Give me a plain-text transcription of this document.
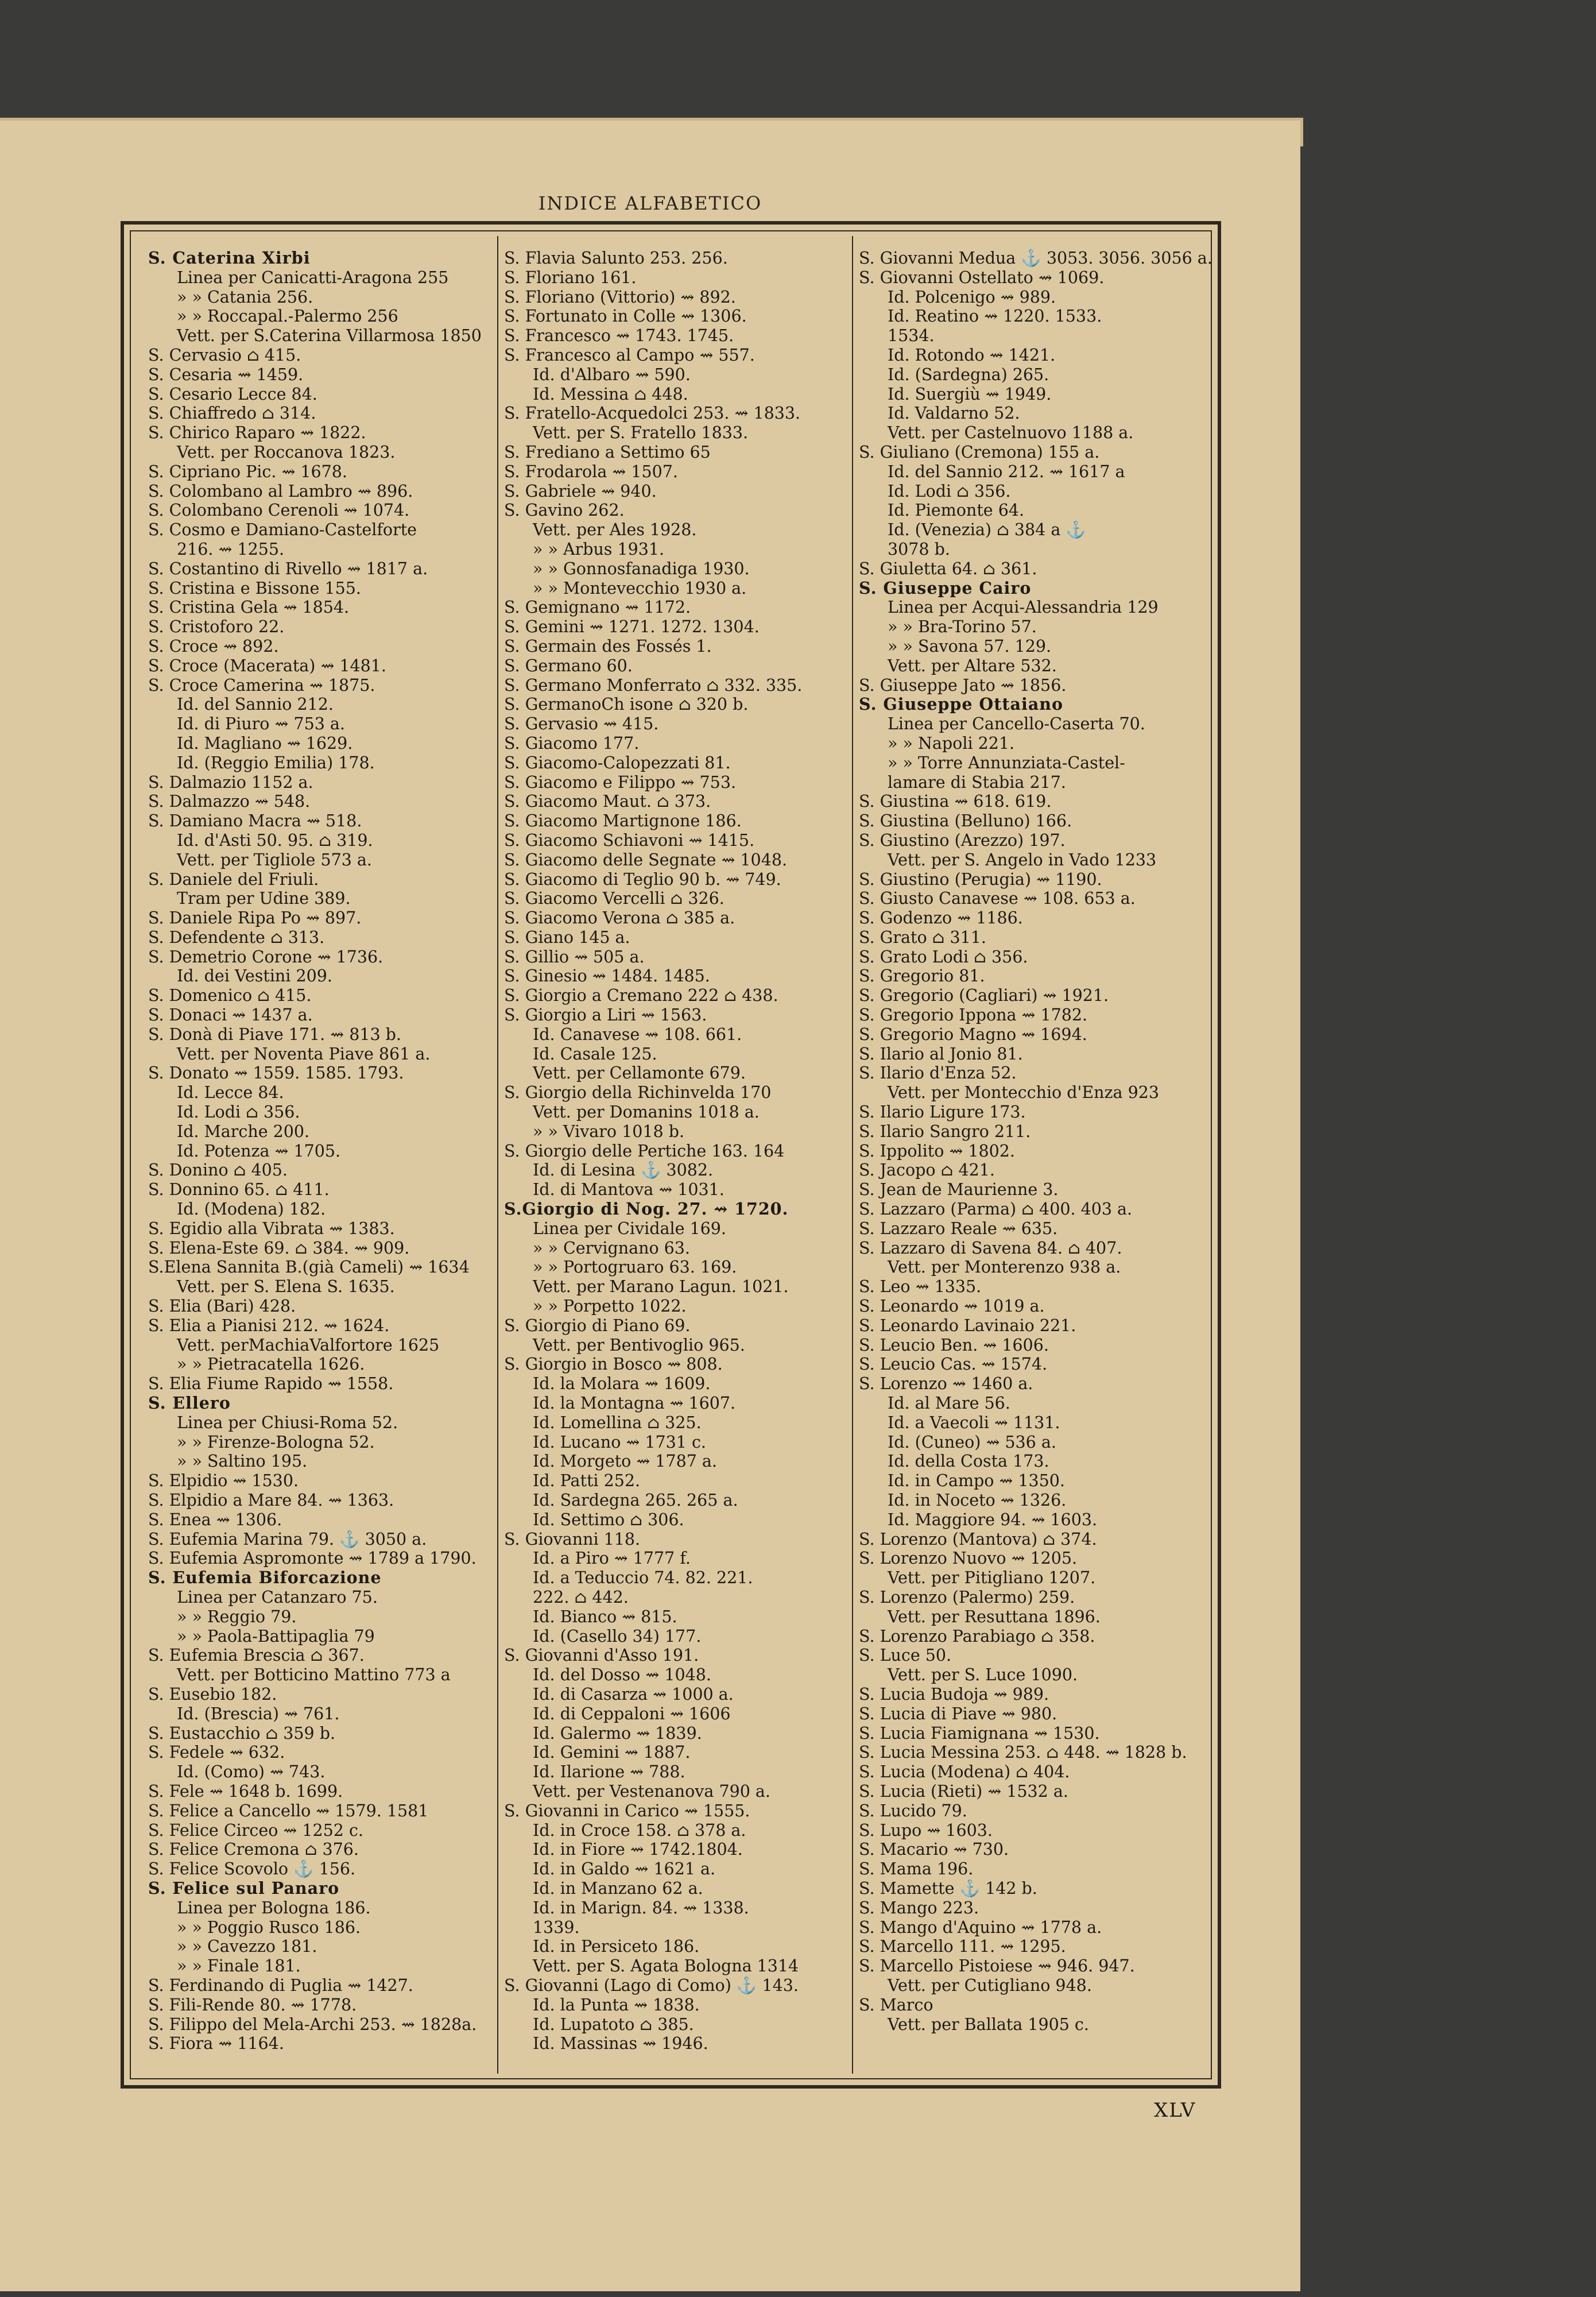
INDICE ALFABETICO
S. Caterina Xirbi
Linea per Canicatti-Aragona 255
» » Catania 256.
» » Roccapal.-Palermo 256
Vett. per S.Caterina Villarmosa 1850
S. Cervasio ⌂ 415.
S. Cesaria ⇝ 1459.
S. Cesario Lecce 84.
S. Chiaffredo ⌂ 314.
S. Chirico Raparo ⇝ 1822.
Vett. per Roccanova 1823.
S. Cipriano Pic. ⇝ 1678.
S. Colombano al Lambro ⇝ 896.
S. Colombano Cerenoli ⇝ 1074.
S. Cosmo e Damiano-Castelforte
216. ⇝ 1255.
S. Costantino di Rivello ⇝ 1817 a.
S. Cristina e Bissone 155.
S. Cristina Gela ⇝ 1854.
S. Cristoforo 22.
S. Croce ⇝ 892.
S. Croce (Macerata) ⇝ 1481.
S. Croce Camerina ⇝ 1875.
Id. del Sannio 212.
Id. di Piuro ⇝ 753 a.
Id. Magliano ⇝ 1629.
Id. (Reggio Emilia) 178.
S. Dalmazio 1152 a.
S. Dalmazzo ⇝ 548.
S. Damiano Macra ⇝ 518.
Id. d'Asti 50. 95. ⌂ 319.
Vett. per Tigliole 573 a.
S. Daniele del Friuli.
Tram per Udine 389.
S. Daniele Ripa Po ⇝ 897.
S. Defendente ⌂ 313.
S. Demetrio Corone ⇝ 1736.
Id. dei Vestini 209.
S. Domenico ⌂ 415.
S. Donaci ⇝ 1437 a.
S. Donà di Piave 171. ⇝ 813 b.
Vett. per Noventa Piave 861 a.
S. Donato ⇝ 1559. 1585. 1793.
Id. Lecce 84.
Id. Lodi ⌂ 356.
Id. Marche 200.
Id. Potenza ⇝ 1705.
S. Donino ⌂ 405.
S. Donnino 65. ⌂ 411.
Id. (Modena) 182.
S. Egidio alla Vibrata ⇝ 1383.
S. Elena-Este 69. ⌂ 384. ⇝ 909.
S.Elena Sannita B.(già Cameli) ⇝ 1634
Vett. per S. Elena S. 1635.
S. Elia (Bari) 428.
S. Elia a Pianisi 212. ⇝ 1624.
Vett. perMachiaValfortore 1625
» » Pietracatella 1626.
S. Elia Fiume Rapido ⇝ 1558.
S. Ellero
Linea per Chiusi-Roma 52.
» » Firenze-Bologna 52.
» » Saltino 195.
S. Elpidio ⇝ 1530.
S. Elpidio a Mare 84. ⇝ 1363.
S. Enea ⇝ 1306.
S. Eufemia Marina 79. ⚓ 3050 a.
S. Eufemia Aspromonte ⇝ 1789 a 1790.
S. Eufemia Biforcazione
Linea per Catanzaro 75.
» » Reggio 79.
» » Paola-Battipaglia 79
S. Eufemia Brescia ⌂ 367.
Vett. per Botticino Mattino 773 a
S. Eusebio 182.
Id. (Brescia) ⇝ 761.
S. Eustacchio ⌂ 359 b.
S. Fedele ⇝ 632.
Id. (Como) ⇝ 743.
S. Fele ⇝ 1648 b. 1699.
S. Felice a Cancello ⇝ 1579. 1581
S. Felice Circeo ⇝ 1252 c.
S. Felice Cremona ⌂ 376.
S. Felice Scovolo ⚓ 156.
S. Felice sul Panaro
Linea per Bologna 186.
» » Poggio Rusco 186.
» » Cavezzo 181.
» » Finale 181.
S. Ferdinando di Puglia ⇝ 1427.
S. Fili-Rende 80. ⇝ 1778.
S. Filippo del Mela-Archi 253. ⇝ 1828a.
S. Fiora ⇝ 1164.
S. Flavia Salunto 253. 256.
S. Floriano 161.
S. Floriano (Vittorio) ⇝ 892.
S. Fortunato in Colle ⇝ 1306.
S. Francesco ⇝ 1743. 1745.
S. Francesco al Campo ⇝ 557.
Id. d'Albaro ⇝ 590.
Id. Messina ⌂ 448.
S. Fratello-Acquedolci 253. ⇝ 1833.
Vett. per S. Fratello 1833.
S. Frediano a Settimo 65
S. Frodarola ⇝ 1507.
S. Gabriele ⇝ 940.
S. Gavino 262.
Vett. per Ales 1928.
» » Arbus 1931.
» » Gonnosfanadiga 1930.
» » Montevecchio 1930 a.
S. Gemignano ⇝ 1172.
S. Gemini ⇝ 1271. 1272. 1304.
S. Germain des Fossés 1.
S. Germano 60.
S. Germano Monferrato ⌂ 332. 335.
S. GermanoCh isone ⌂ 320 b.
S. Gervasio ⇝ 415.
S. Giacomo 177.
S. Giacomo-Calopezzati 81.
S. Giacomo e Filippo ⇝ 753.
S. Giacomo Maut. ⌂ 373.
S. Giacomo Martignone 186.
S. Giacomo Schiavoni ⇝ 1415.
S. Giacomo delle Segnate ⇝ 1048.
S. Giacomo di Teglio 90 b. ⇝ 749.
S. Giacomo Vercelli ⌂ 326.
S. Giacomo Verona ⌂ 385 a.
S. Giano 145 a.
S. Gillio ⇝ 505 a.
S. Ginesio ⇝ 1484. 1485.
S. Giorgio a Cremano 222 ⌂ 438.
S. Giorgio a Liri ⇝ 1563.
Id. Canavese ⇝ 108. 661.
Id. Casale 125.
Vett. per Cellamonte 679.
S. Giorgio della Richinvelda 170
Vett. per Domanins 1018 a.
» » Vivaro 1018 b.
S. Giorgio delle Pertiche 163. 164
Id. di Lesina ⚓ 3082.
Id. di Mantova ⇝ 1031.
S.Giorgio di Nog. 27. ⇝ 1720.
Linea per Cividale 169.
» » Cervignano 63.
» » Portogruaro 63. 169.
Vett. per Marano Lagun. 1021.
» » Porpetto 1022.
S. Giorgio di Piano 69.
Vett. per Bentivoglio 965.
S. Giorgio in Bosco ⇝ 808.
Id. la Molara ⇝ 1609.
Id. la Montagna ⇝ 1607.
Id. Lomellina ⌂ 325.
Id. Lucano ⇝ 1731 c.
Id. Morgeto ⇝ 1787 a.
Id. Patti 252.
Id. Sardegna 265. 265 a.
Id. Settimo ⌂ 306.
S. Giovanni 118.
Id. a Piro ⇝ 1777 f.
Id. a Teduccio 74. 82. 221.
222. ⌂ 442.
Id. Bianco ⇝ 815.
Id. (Casello 34) 177.
S. Giovanni d'Asso 191.
Id. del Dosso ⇝ 1048.
Id. di Casarza ⇝ 1000 a.
Id. di Ceppaloni ⇝ 1606
Id. Galermo ⇝ 1839.
Id. Gemini ⇝ 1887.
Id. Ilarione ⇝ 788.
Vett. per Vestenanova 790 a.
S. Giovanni in Carico ⇝ 1555.
Id. in Croce 158. ⌂ 378 a.
Id. in Fiore ⇝ 1742.1804.
Id. in Galdo ⇝ 1621 a.
Id. in Manzano 62 a.
Id. in Marign. 84. ⇝ 1338.
1339.
Id. in Persiceto 186.
Vett. per S. Agata Bologna 1314
S. Giovanni (Lago di Como) ⚓ 143.
Id. la Punta ⇝ 1838.
Id. Lupatoto ⌂ 385.
Id. Massinas ⇝ 1946.
S. Giovanni Medua ⚓ 3053. 3056. 3056 a.
S. Giovanni Ostellato ⇝ 1069.
Id. Polcenigo ⇝ 989.
Id. Reatino ⇝ 1220. 1533.
1534.
Id. Rotondo ⇝ 1421.
Id. (Sardegna) 265.
Id. Suergiù ⇝ 1949.
Id. Valdarno 52.
Vett. per Castelnuovo 1188 a.
S. Giuliano (Cremona) 155 a.
Id. del Sannio 212. ⇝ 1617 a
Id. Lodi ⌂ 356.
Id. Piemonte 64.
Id. (Venezia) ⌂ 384 a ⚓
3078 b.
S. Giuletta 64. ⌂ 361.
S. Giuseppe Cairo
Linea per Acqui-Alessandria 129
» » Bra-Torino 57.
» » Savona 57. 129.
Vett. per Altare 532.
S. Giuseppe Jato ⇝ 1856.
S. Giuseppe Ottaiano
Linea per Cancello-Caserta 70.
» » Napoli 221.
» » Torre Annunziata-Castel-
lamare di Stabia 217.
S. Giustina ⇝ 618. 619.
S. Giustina (Belluno) 166.
S. Giustino (Arezzo) 197.
Vett. per S. Angelo in Vado 1233
S. Giustino (Perugia) ⇝ 1190.
S. Giusto Canavese ⇝ 108. 653 a.
S. Godenzo ⇝ 1186.
S. Grato ⌂ 311.
S. Grato Lodi ⌂ 356.
S. Gregorio 81.
S. Gregorio (Cagliari) ⇝ 1921.
S. Gregorio Ippona ⇝ 1782.
S. Gregorio Magno ⇝ 1694.
S. Ilario al Jonio 81.
S. Ilario d'Enza 52.
Vett. per Montecchio d'Enza 923
S. Ilario Ligure 173.
S. Ilario Sangro 211.
S. Ippolito ⇝ 1802.
S. Jacopo ⌂ 421.
S. Jean de Maurienne 3.
S. Lazzaro (Parma) ⌂ 400. 403 a.
S. Lazzaro Reale ⇝ 635.
S. Lazzaro di Savena 84. ⌂ 407.
Vett. per Monterenzo 938 a.
S. Leo ⇝ 1335.
S. Leonardo ⇝ 1019 a.
S. Leonardo Lavinaio 221.
S. Leucio Ben. ⇝ 1606.
S. Leucio Cas. ⇝ 1574.
S. Lorenzo ⇝ 1460 a.
Id. al Mare 56.
Id. a Vaecoli ⇝ 1131.
Id. (Cuneo) ⇝ 536 a.
Id. della Costa 173.
Id. in Campo ⇝ 1350.
Id. in Noceto ⇝ 1326.
Id. Maggiore 94. ⇝ 1603.
S. Lorenzo (Mantova) ⌂ 374.
S. Lorenzo Nuovo ⇝ 1205.
Vett. per Pitigliano 1207.
S. Lorenzo (Palermo) 259.
Vett. per Resuttana 1896.
S. Lorenzo Parabiago ⌂ 358.
S. Luce 50.
Vett. per S. Luce 1090.
S. Lucia Budoja ⇝ 989.
S. Lucia di Piave ⇝ 980.
S. Lucia Fiamignana ⇝ 1530.
S. Lucia Messina 253. ⌂ 448. ⇝ 1828 b.
S. Lucia (Modena) ⌂ 404.
S. Lucia (Rieti) ⇝ 1532 a.
S. Lucido 79.
S. Lupo ⇝ 1603.
S. Macario ⇝ 730.
S. Mama 196.
S. Mamette ⚓ 142 b.
S. Mango 223.
S. Mango d'Aquino ⇝ 1778 a.
S. Marcello 111. ⇝ 1295.
S. Marcello Pistoiese ⇝ 946. 947.
Vett. per Cutigliano 948.
S. Marco
Vett. per Ballata 1905 c.
XLV
